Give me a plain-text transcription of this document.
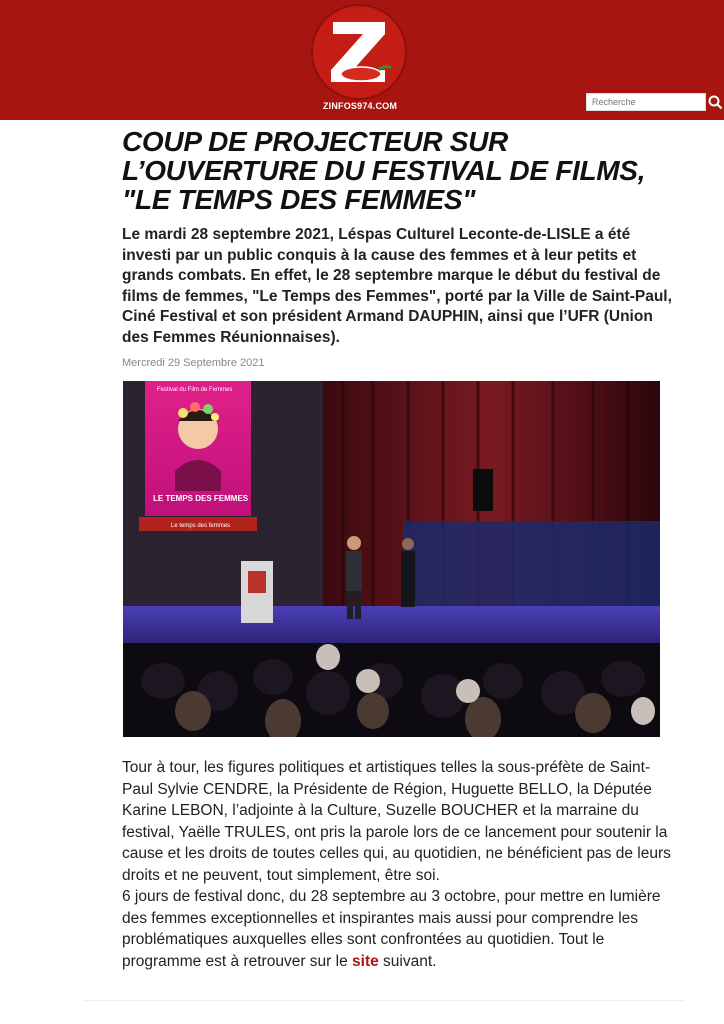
ZINFOS974.COM
Recherche
COUP DE PROJECTEUR SUR
L’OUVERTURE DU FESTIVAL DE FILMS,
"LE TEMPS DES FEMMES"

Le mardi 28 septembre 2021, Léspas Culturel Leconte-de-LISLE a été investi par un public conquis à la cause des femmes et à leur petits et grands combats. En effet, le 28 septembre marque le début du festival de films de femmes, "Le Temps des Femmes", porté par la Ville de Saint-Paul, Ciné Festival et son président Armand DAUPHIN, ainsi que l’UFR (Union des Femmes Réunionnaises).

Mercredi 29 Septembre 2021
Festival du Film de Femmes
LE TEMPS DES FEMMES
Le temps des femmes

Tour à tour, les figures politiques et artistiques telles la sous-préfète de Saint-Paul Sylvie CENDRE, la Présidente de Région, Huguette BELLO, la Députée Karine LEBON, l’adjointe à la Culture, Suzelle BOUCHER et la marraine du festival, Yaëlle TRULES, ont pris la parole lors de ce lancement pour soutenir la cause et les droits de toutes celles qui, au quotidien, ne bénéficient pas de leurs droits et ne peuvent, tout simplement, être soi.

6 jours de festival donc, du 28 septembre au 3 octobre, pour mettre en lumière des femmes exceptionnelles et inspirantes mais aussi pour comprendre les problématiques auxquelles elles sont confrontées au quotidien. Tout le programme est à retrouver sur le site suivant.
